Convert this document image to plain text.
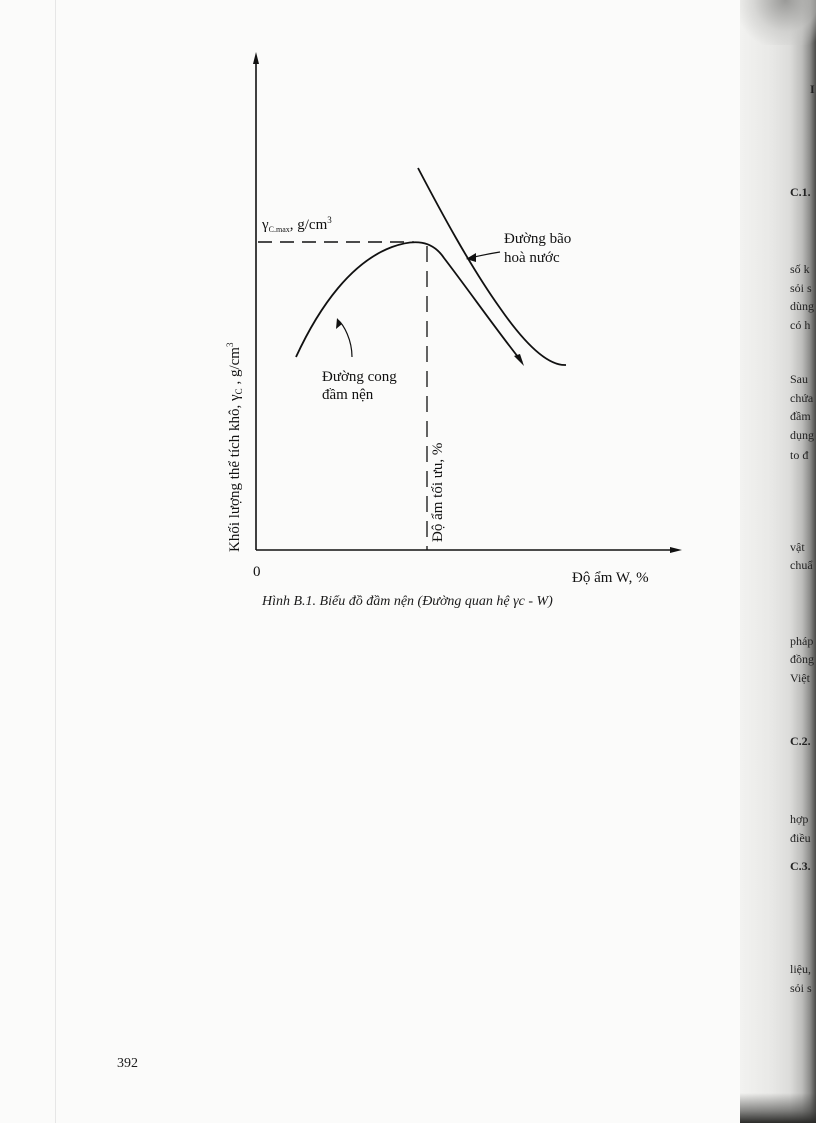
$\gamma_{C.max}$, $g/cm^3$
Đường bão
hoà nước
Đường cong
đầm nện
Độ ẩm tối ưu, %
Khối lượng thể tích khô, $\gamma_C$ , $g/cm^3$
0	Độ ẩm W, %
Hình B.1. Biểu đồ đầm nện (Đường quan hệ γc - W)
392
I
C.1.
số k
sỏi s
dùng
có h
Sau
chứa
đầm
dụng
to đ
vật
chuẩ
pháp
đồng
Việt
C.2.
hợp
điều
C.3.
liệu,
sỏi s
